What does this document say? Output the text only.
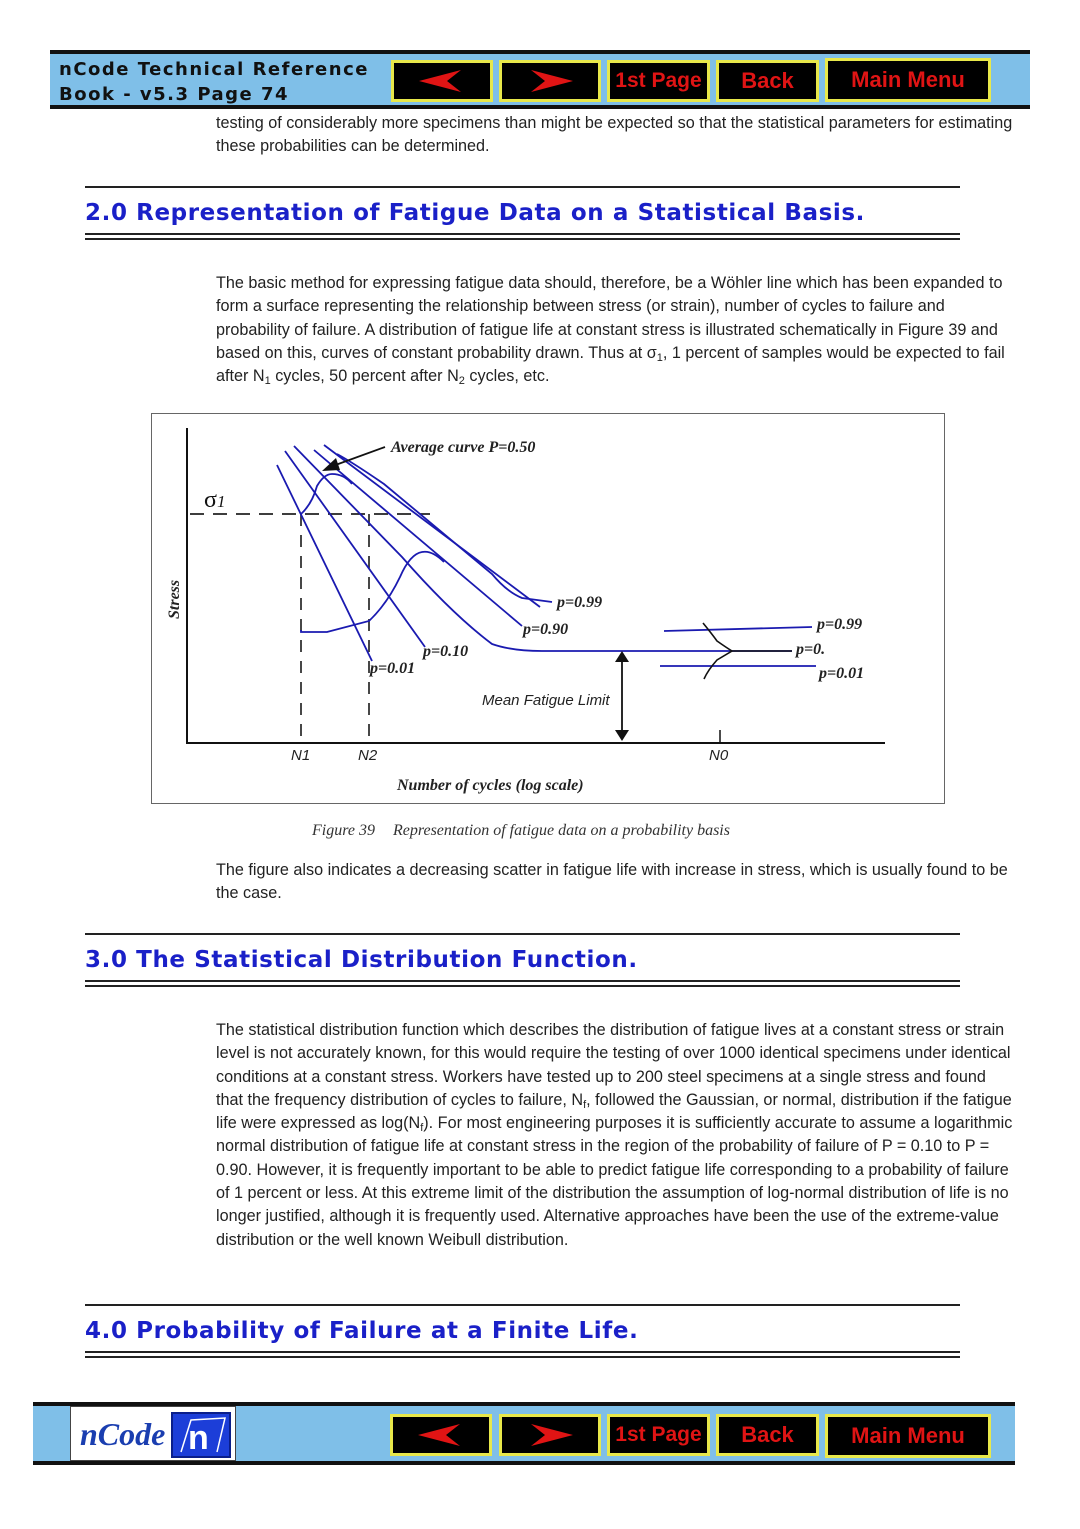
nCode Technical Reference
Book - v5.3 Page 74
1st Page	Back	Main Menu
testing of considerably more specimens than might be expected so that the statistical parameters for estimating these probabilities can be determined.
2.0 Representation of Fatigue Data on a Statistical Basis.
The basic method for expressing fatigue data should, therefore, be a Wöhler line which has been expanded to form a surface representing the relationship between stress (or strain), number of cycles to failure and probability of failure. A distribution of fatigue life at constant stress is illustrated schematically in Figure 39 and based on this, curves of constant probability drawn. Thus at $\sigma_1$, 1 percent of samples would be expected to fail after $N_1$ cycles, 50 percent after $N_2$ cycles, etc.
Average curve P=0.50
σ1
Stress	p=0.99
p=0.90
p=0.10
p=0.01
p=0.99
p=0.
p=0.01
Mean Fatigue Limit
N1	N2	N0
Number of cycles (log scale)
Figure 39 Representation of fatigue data on a probability basis
The figure also indicates a decreasing scatter in fatigue life with increase in stress, which is usually found to be the case.
3.0 The Statistical Distribution Function.
The statistical distribution function which describes the distribution of fatigue lives at a constant stress or strain level is not accurately known, for this would require the testing of over 1000 identical specimens under identical conditions at a constant stress. Workers have tested up to 200 steel specimens at a single stress and found that the frequency distribution of cycles to failure, $N_f$, followed the Gaussian, or normal, distribution if the fatigue life were expressed as $\log(N_f)$. For most engineering purposes it is sufficiently accurate to assume a logarithmic normal distribution of fatigue life at constant stress in the region of the probability of failure of P = 0.10 to P = 0.90. However, it is frequently important to be able to predict fatigue life corresponding to a probability of failure of 1 percent or less. At this extreme limit of the distribution the assumption of log-normal distribution of life is no longer justified, although it is frequently used. Alternative approaches have been the use of the extreme-value distribution or the well known Weibull distribution.
4.0 Probability of Failure at a Finite Life.
nCode n	1st Page	Back	Main Menu
